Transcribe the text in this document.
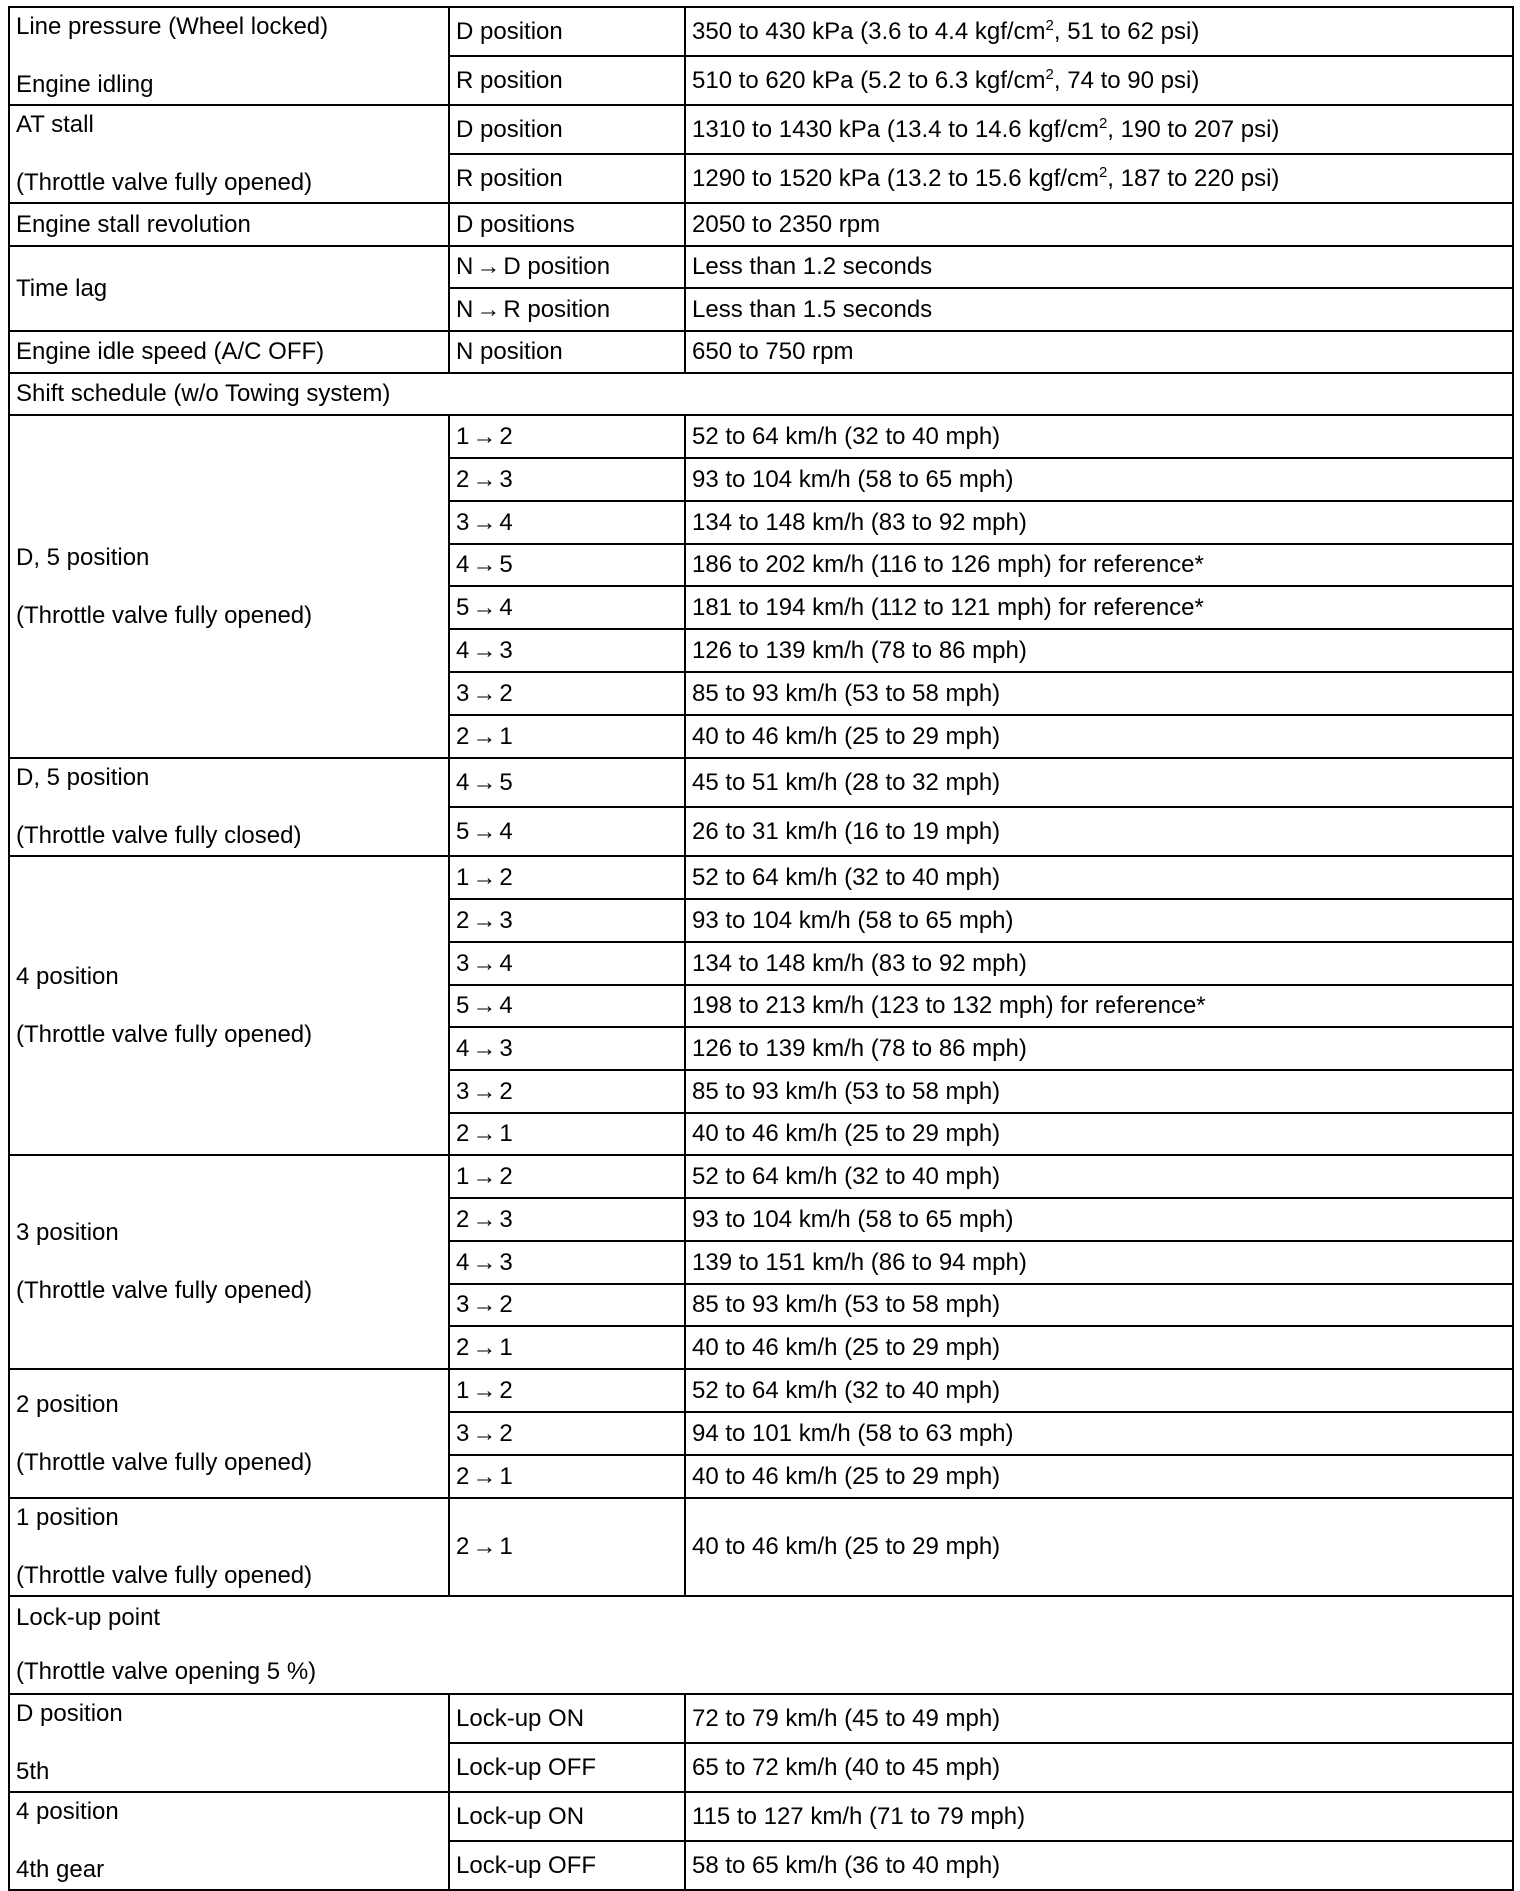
Line pressure (Wheel locked)
Engine idling	D position	350 to 430 kPa (3.6 to 4.4 kgf/$cm^2$, 51 to 62 psi)
	R position	510 to 620 kPa (5.2 to 6.3 kgf/$cm^2$, 74 to 90 psi)

AT stall
(Throttle valve fully opened)	D position	1310 to 1430 kPa (13.4 to 14.6 kgf/$cm^2$, 190 to 207 psi)
	R position	1290 to 1520 kPa (13.2 to 15.6 kgf/$cm^2$, 187 to 220 psi)

Engine stall revolution	D positions	2050 to 2350 rpm

Time lag	N → D position	Less than 1.2 seconds
	N → R position	Less than 1.5 seconds

Engine idle speed (A/C OFF)	N position	650 to 750 rpm

Shift schedule (w/o Towing system)		

D, 5 position
(Throttle valve fully opened)	1 → 2	52 to 64 km/h (32 to 40 mph)
	2 → 3	93 to 104 km/h (58 to 65 mph)
	3 → 4	134 to 148 km/h (83 to 92 mph)
	4 → 5	186 to 202 km/h (116 to 126 mph) for reference*
	5 → 4	181 to 194 km/h (112 to 121 mph) for reference*
	4 → 3	126 to 139 km/h (78 to 86 mph)
	3 → 2	85 to 93 km/h (53 to 58 mph)
	2 → 1	40 to 46 km/h (25 to 29 mph)

D, 5 position
(Throttle valve fully closed)	4 → 5	45 to 51 km/h (28 to 32 mph)
	5 → 4	26 to 31 km/h (16 to 19 mph)

4 position
(Throttle valve fully opened)	1 → 2	52 to 64 km/h (32 to 40 mph)
	2 → 3	93 to 104 km/h (58 to 65 mph)
	3 → 4	134 to 148 km/h (83 to 92 mph)
	5 → 4	198 to 213 km/h (123 to 132 mph) for reference*
	4 → 3	126 to 139 km/h (78 to 86 mph)
	3 → 2	85 to 93 km/h (53 to 58 mph)
	2 → 1	40 to 46 km/h (25 to 29 mph)

3 position
(Throttle valve fully opened)	1 → 2	52 to 64 km/h (32 to 40 mph)
	2 → 3	93 to 104 km/h (58 to 65 mph)
	4 → 3	139 to 151 km/h (86 to 94 mph)
	3 → 2	85 to 93 km/h (53 to 58 mph)
	2 → 1	40 to 46 km/h (25 to 29 mph)

2 position
(Throttle valve fully opened)	1 → 2	52 to 64 km/h (32 to 40 mph)
	3 → 2	94 to 101 km/h (58 to 63 mph)
	2 → 1	40 to 46 km/h (25 to 29 mph)

1 position
(Throttle valve fully opened)	2 → 1	40 to 46 km/h (25 to 29 mph)

Lock-up point
(Throttle valve opening 5 %)		

D position
5th	Lock-up ON	72 to 79 km/h (45 to 49 mph)
	Lock-up OFF	65 to 72 km/h (40 to 45 mph)

4 position
4th gear	Lock-up ON	115 to 127 km/h (71 to 79 mph)
	Lock-up OFF	58 to 65 km/h (36 to 40 mph)
